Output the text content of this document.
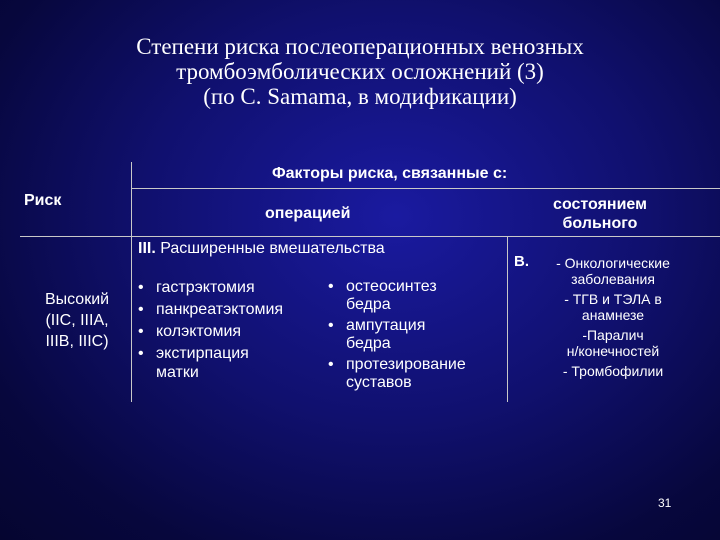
Степени риска послеоперационных венозных
тромбоэмболических осложнений (3)
(по С. Samama, в модификации)
Риск
Факторы риска, связанные с:
операцией
состоянием
больного
III. Расширенные вмешательства
Высокий
(IIC, IIIA,
IIIB, IIIC)
• гастрэктомия
• панкреатэктомия
• колэктомия
• экстирпация
матки
• остеосинтез
бедра
• ампутация
бедра
• протезирование
суставов
B.	- Онкологические
заболевания
- ТГВ и ТЭЛА в
анамнезе
-Паралич
н/конечностей
- Тромбофилии
31
